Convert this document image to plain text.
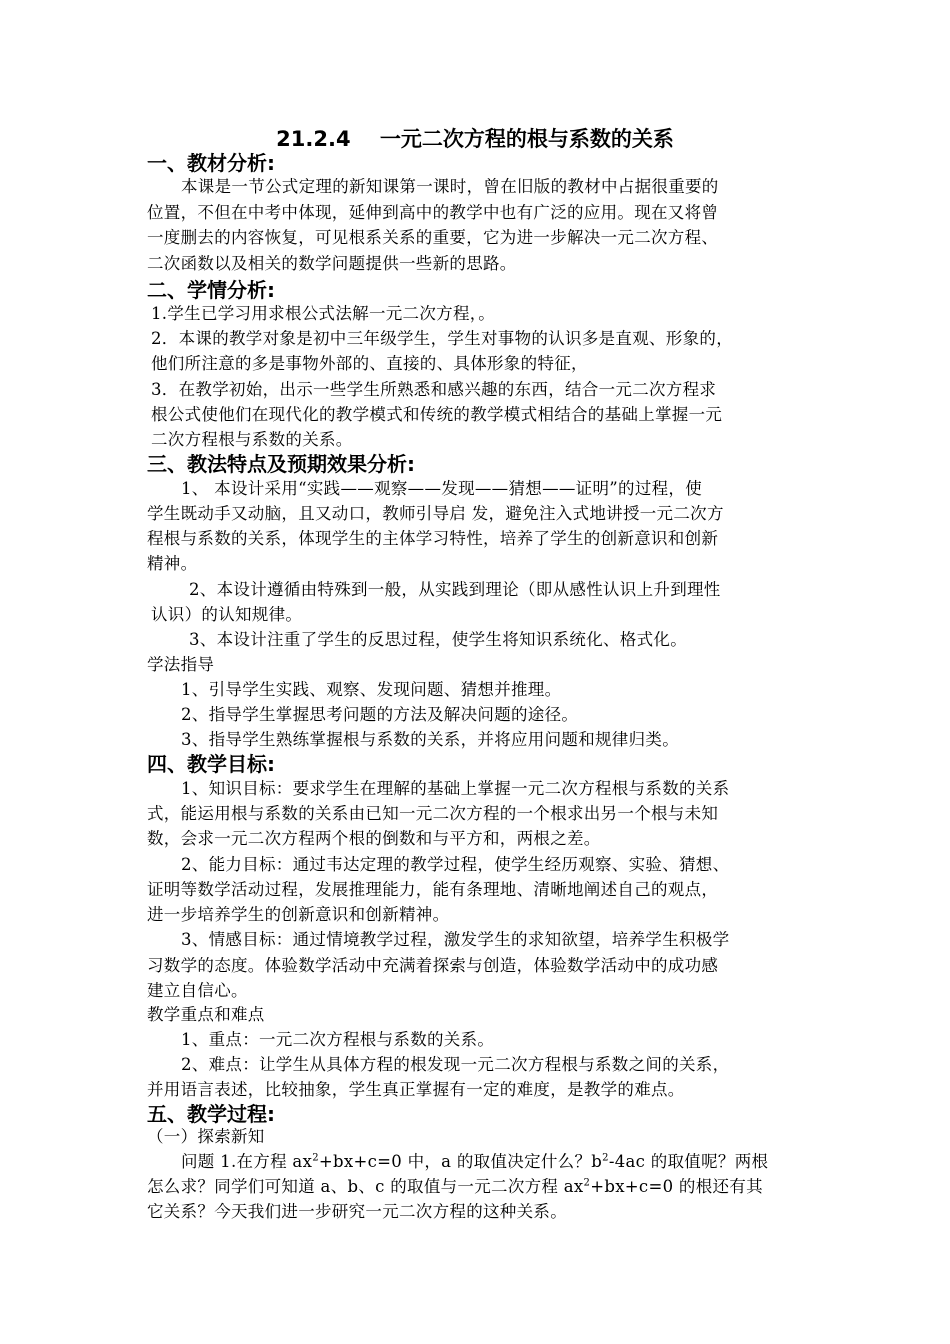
21.2.4    一元二次方程的根与系数的关系
一、教材分析:
本课是一节公式定理的新知课第一课时，曾在旧版的教材中占据很重要的
位置，不但在中考中体现，延伸到高中的教学中也有广泛的应用。现在又将曾
一度删去的内容恢复，可见根系关系的重要，它为进一步解决一元二次方程、
二次函数以及相关的数学问题提供一些新的思路。
二、学情分析:
1.学生已学习用求根公式法解一元二次方程，。
2．本课的教学对象是初中三年级学生，学生对事物的认识多是直观、形象的，
他们所注意的多是事物外部的、直接的、具体形象的特征，
3．在教学初始，出示一些学生所熟悉和感兴趣的东西，结合一元二次方程求
根公式使他们在现代化的教学模式和传统的教学模式相结合的基础上掌握一元
二次方程根与系数的关系。
三、教法特点及预期效果分析:
1、 本设计采用“实践——观察——发现——猜想——证明”的过程，使
学生既动手又动脑，且又动口，教师引导启 发，避免注入式地讲授一元二次方
程根与系数的关系，体现学生的主体学习特性，培养了学生的创新意识和创新
精神。
2、本设计遵循由特殊到一般，从实践到理论（即从感性认识上升到理性
认识）的认知规律。
3、本设计注重了学生的反思过程，使学生将知识系统化、格式化。
学法指导
1、引导学生实践、观察、发现问题、猜想并推理。
2、指导学生掌握思考问题的方法及解决问题的途径。
3、指导学生熟练掌握根与系数的关系，并将应用问题和规律归类。
四、教学目标:
1、知识目标：要求学生在理解的基础上掌握一元二次方程根与系数的关系
式，能运用根与系数的关系由已知一元二次方程的一个根求出另一个根与未知
数，会求一元二次方程两个根的倒数和与平方和，两根之差。
2、能力目标：通过韦达定理的教学过程，使学生经历观察、实验、猜想、
证明等数学活动过程，发展推理能力，能有条理地、清晰地阐述自己的观点，
进一步培养学生的创新意识和创新精神。
3、情感目标：通过情境教学过程，激发学生的求知欲望，培养学生积极学
习数学的态度。体验数学活动中充满着探索与创造，体验数学活动中的成功感
建立自信心。
教学重点和难点
1、重点：一元二次方程根与系数的关系。
2、难点：让学生从具体方程的根发现一元二次方程根与系数之间的关系，
并用语言表述，比较抽象，学生真正掌握有一定的难度，是教学的难点。
五、教学过程:
（一）探索新知
问题 1.在方程 $ax^2+bx+c=0$ 中，a 的取值决定什么？$b^2-4ac$ 的取值呢？两根
怎么求？同学们可知道 a、b、c 的取值与一元二次方程 $ax^2+bx+c=0$ 的根还有其
它关系？今天我们进一步研究一元二次方程的这种关系。
